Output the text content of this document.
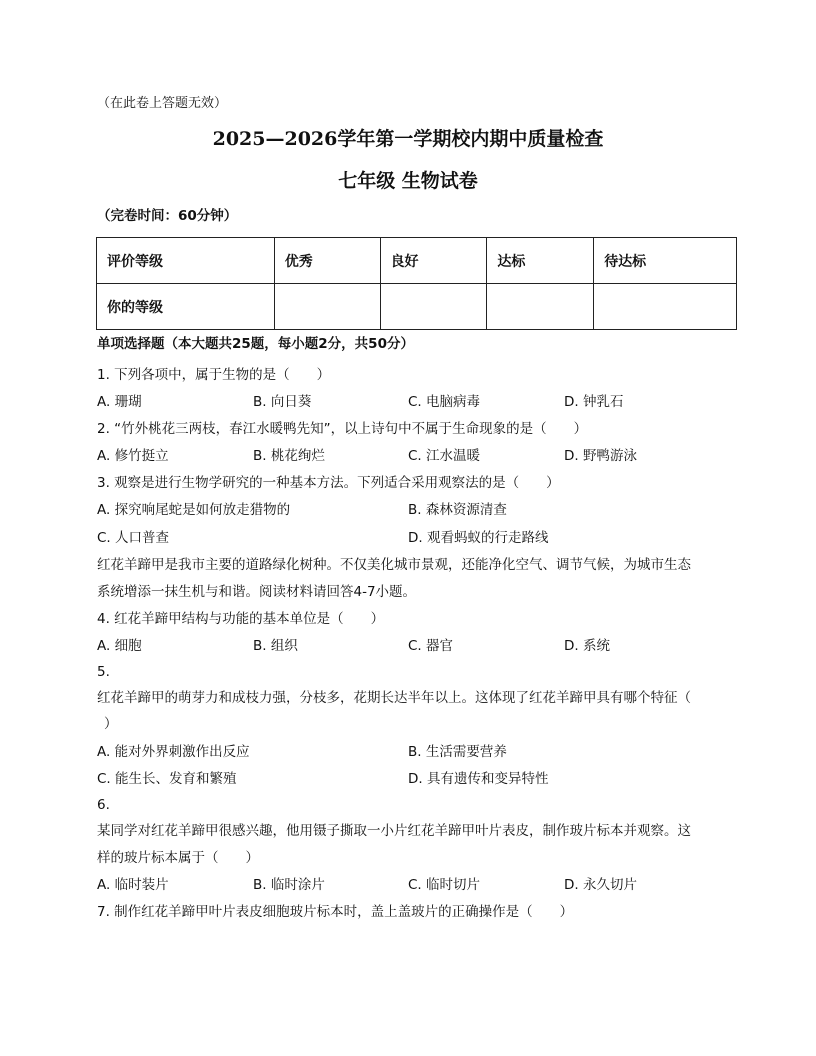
（在此卷上答题无效）
2025—2026学年第一学期校内期中质量检查
七年级 生物试卷
（完卷时间：60分钟）
评价等级	优秀	良好	达标	待达标
你的等级				
单项选择题（本大题共25题，每小题2分，共50分）
1. 下列各项中，属于生物的是（　　）
A. 珊瑚	B. 向日葵	C. 电脑病毒	D. 钟乳石
2. “竹外桃花三两枝，春江水暖鸭先知”，以上诗句中不属于生命现象的是（　　）
A. 修竹挺立	B. 桃花绚烂	C. 江水温暖	D. 野鸭游泳
3. 观察是进行生物学研究的一种基本方法。下列适合采用观察法的是（　　）
A. 探究响尾蛇是如何放走猎物的	B. 森林资源清查
C. 人口普查	D. 观看蚂蚁的行走路线
红花羊蹄甲是我市主要的道路绿化树种。不仅美化城市景观，还能净化空气、调节气候，为城市生态
系统增添一抹生机与和谐。阅读材料请回答4-7小题。
4. 红花羊蹄甲结构与功能的基本单位是（　　）
A. 细胞	B. 组织	C. 器官	D. 系统
5.
红花羊蹄甲的萌芽力和成枝力强，分枝多，花期长达半年以上。这体现了红花羊蹄甲具有哪个特征（
）
A. 能对外界刺激作出反应	B. 生活需要营养
C. 能生长、发育和繁殖	D. 具有遗传和变异特性
6.
某同学对红花羊蹄甲很感兴趣，他用镊子撕取一小片红花羊蹄甲叶片表皮，制作玻片标本并观察。这
样的玻片标本属于（　　）
A. 临时装片	B. 临时涂片	C. 临时切片	D. 永久切片
7. 制作红花羊蹄甲叶片表皮细胞玻片标本时，盖上盖玻片的正确操作是（　　）
